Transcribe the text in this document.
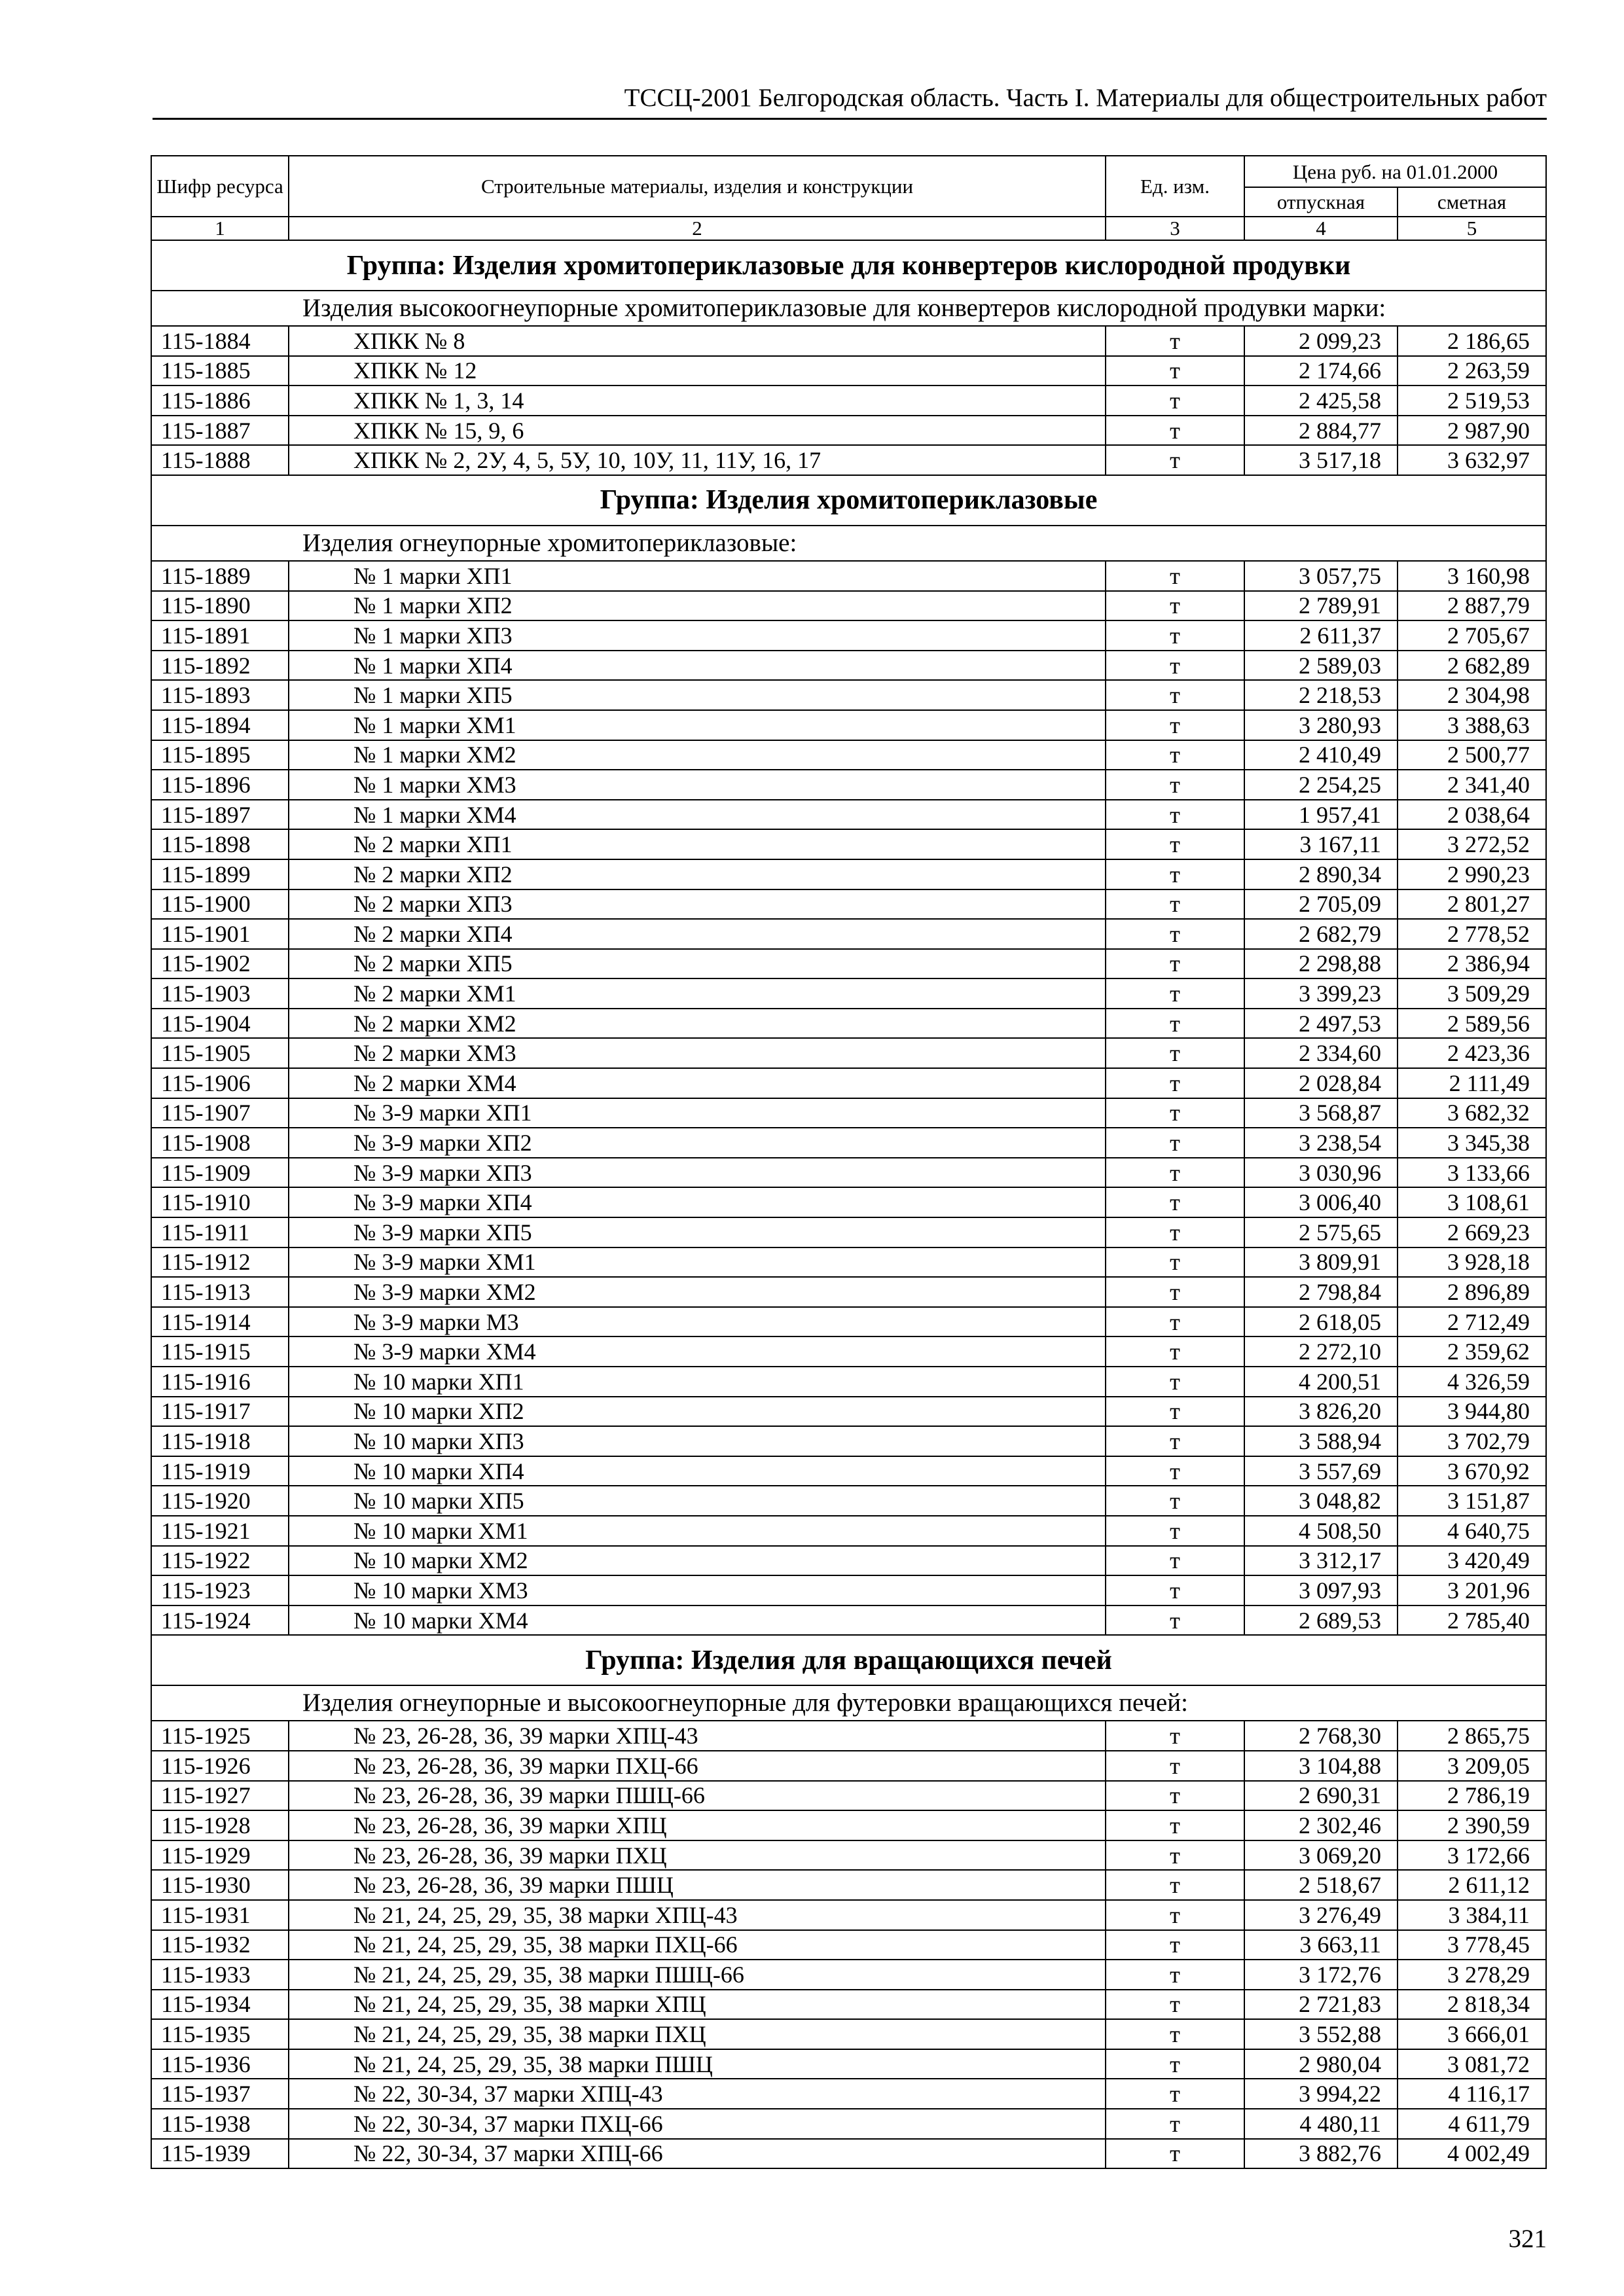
ТССЦ-2001 Белгородская область. Часть I. Материалы для общестроительных работ
Шифр ресурса	Строительные материалы, изделия и конструкции	Ед. изм.	Цена руб. на 01.01.2000	
			отпускная	сметная
1	2	3	4	5
Группа: Изделия хромитопериклазовые для конвертеров кислородной продувки				
Изделия высокоогнеупорные хромитопериклазовые для конвертеров кислородной продувки марки:				
115-1884	ХПКК № 8	т	2 099,23	2 186,65
115-1885	ХПКК № 12	т	2 174,66	2 263,59
115-1886	ХПКК № 1, 3, 14	т	2 425,58	2 519,53
115-1887	ХПКК № 15, 9, 6	т	2 884,77	2 987,90
115-1888	ХПКК № 2, 2У, 4, 5, 5У, 10, 10У, 11, 11У, 16, 17	т	3 517,18	3 632,97
Группа: Изделия хромитопериклазовые				
Изделия огнеупорные хромитопериклазовые:				
115-1889	№ 1 марки ХП1	т	3 057,75	3 160,98
115-1890	№ 1 марки ХП2	т	2 789,91	2 887,79
115-1891	№ 1 марки ХП3	т	2 611,37	2 705,67
115-1892	№ 1 марки ХП4	т	2 589,03	2 682,89
115-1893	№ 1 марки ХП5	т	2 218,53	2 304,98
115-1894	№ 1 марки ХМ1	т	3 280,93	3 388,63
115-1895	№ 1 марки ХМ2	т	2 410,49	2 500,77
115-1896	№ 1 марки ХМ3	т	2 254,25	2 341,40
115-1897	№ 1 марки ХМ4	т	1 957,41	2 038,64
115-1898	№ 2 марки ХП1	т	3 167,11	3 272,52
115-1899	№ 2 марки ХП2	т	2 890,34	2 990,23
115-1900	№ 2 марки ХП3	т	2 705,09	2 801,27
115-1901	№ 2 марки ХП4	т	2 682,79	2 778,52
115-1902	№ 2 марки ХП5	т	2 298,88	2 386,94
115-1903	№ 2 марки ХМ1	т	3 399,23	3 509,29
115-1904	№ 2 марки ХМ2	т	2 497,53	2 589,56
115-1905	№ 2 марки ХМ3	т	2 334,60	2 423,36
115-1906	№ 2 марки ХМ4	т	2 028,84	2 111,49
115-1907	№ 3-9 марки ХП1	т	3 568,87	3 682,32
115-1908	№ 3-9 марки ХП2	т	3 238,54	3 345,38
115-1909	№ 3-9 марки ХП3	т	3 030,96	3 133,66
115-1910	№ 3-9 марки ХП4	т	3 006,40	3 108,61
115-1911	№ 3-9 марки ХП5	т	2 575,65	2 669,23
115-1912	№ 3-9 марки ХМ1	т	3 809,91	3 928,18
115-1913	№ 3-9 марки ХМ2	т	2 798,84	2 896,89
115-1914	№ 3-9 марки М3	т	2 618,05	2 712,49
115-1915	№ 3-9 марки ХМ4	т	2 272,10	2 359,62
115-1916	№ 10 марки ХП1	т	4 200,51	4 326,59
115-1917	№ 10 марки ХП2	т	3 826,20	3 944,80
115-1918	№ 10 марки ХП3	т	3 588,94	3 702,79
115-1919	№ 10 марки ХП4	т	3 557,69	3 670,92
115-1920	№ 10 марки ХП5	т	3 048,82	3 151,87
115-1921	№ 10 марки ХМ1	т	4 508,50	4 640,75
115-1922	№ 10 марки ХМ2	т	3 312,17	3 420,49
115-1923	№ 10 марки ХМ3	т	3 097,93	3 201,96
115-1924	№ 10 марки ХМ4	т	2 689,53	2 785,40
Группа: Изделия для вращающихся печей				
Изделия огнеупорные и высокоогнеупорные для футеровки вращающихся печей:				
115-1925	№ 23, 26-28, 36, 39 марки ХПЦ-43	т	2 768,30	2 865,75
115-1926	№ 23, 26-28, 36, 39 марки ПХЦ-66	т	3 104,88	3 209,05
115-1927	№ 23, 26-28, 36, 39 марки ПШЦ-66	т	2 690,31	2 786,19
115-1928	№ 23, 26-28, 36, 39 марки ХПЦ	т	2 302,46	2 390,59
115-1929	№ 23, 26-28, 36, 39 марки ПХЦ	т	3 069,20	3 172,66
115-1930	№ 23, 26-28, 36, 39 марки ПШЦ	т	2 518,67	2 611,12
115-1931	№ 21, 24, 25, 29, 35, 38 марки ХПЦ-43	т	3 276,49	3 384,11
115-1932	№ 21, 24, 25, 29, 35, 38 марки ПХЦ-66	т	3 663,11	3 778,45
115-1933	№ 21, 24, 25, 29, 35, 38 марки ПШЦ-66	т	3 172,76	3 278,29
115-1934	№ 21, 24, 25, 29, 35, 38 марки ХПЦ	т	2 721,83	2 818,34
115-1935	№ 21, 24, 25, 29, 35, 38 марки ПХЦ	т	3 552,88	3 666,01
115-1936	№ 21, 24, 25, 29, 35, 38 марки ПШЦ	т	2 980,04	3 081,72
115-1937	№ 22, 30-34, 37 марки ХПЦ-43	т	3 994,22	4 116,17
115-1938	№ 22, 30-34, 37 марки ПХЦ-66	т	4 480,11	4 611,79
115-1939	№ 22, 30-34, 37 марки ХПЦ-66	т	3 882,76	4 002,49
321
